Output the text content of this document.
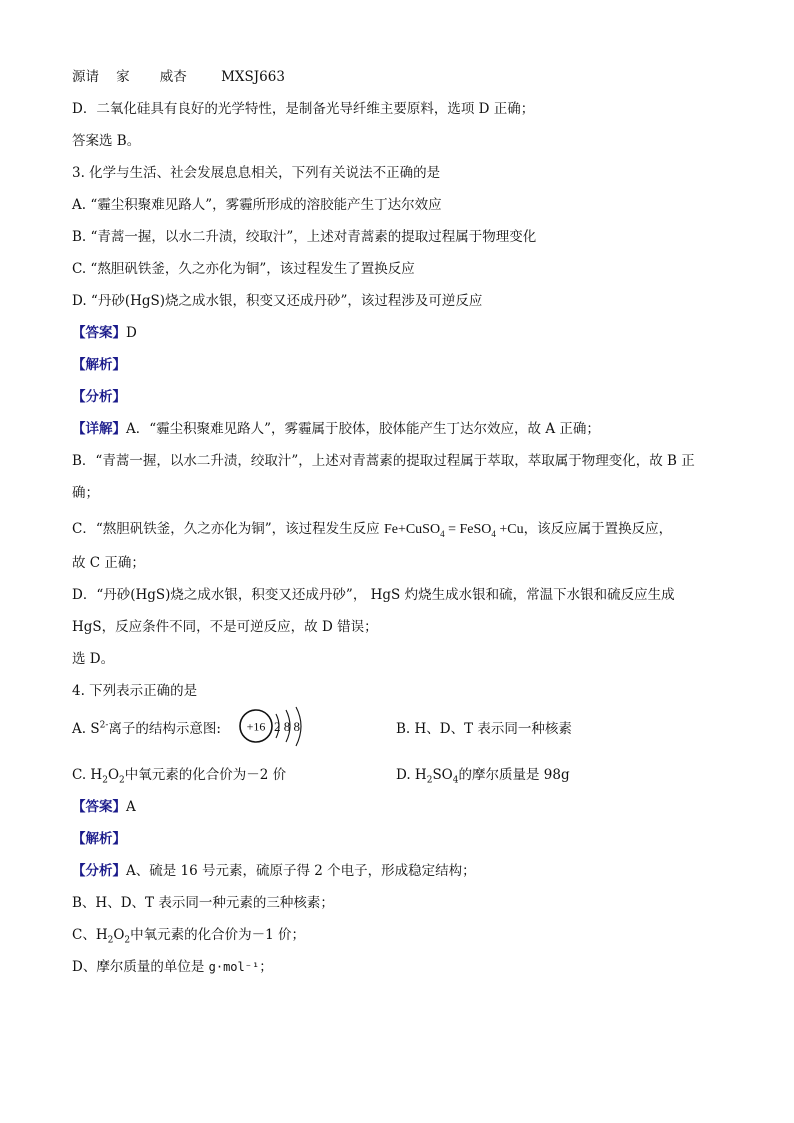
源请 家 威杏	MXSJ663
D．二氧化硅具有良好的光学特性，是制备光导纤维主要原料，选项 D 正确；
答案选 B。
3. 化学与生活、社会发展息息相关，下列有关说法不正确的是
A. “霾尘积聚难见路人”，雾霾所形成的溶胶能产生丁达尔效应
B. “青蒿一握，以水二升渍，绞取汁”，上述对青蒿素的提取过程属于物理变化
C. “熬胆矾铁釜，久之亦化为铜”，该过程发生了置换反应
D. “丹砂(HgS)烧之成水银，积变又还成丹砂”，该过程涉及可逆反应
【答案】D
【解析】
【分析】
【详解】A．“霾尘积聚难见路人”，雾霾属于胶体，胶体能产生丁达尔效应，故 A 正确；
B．“青蒿一握，以水二升渍，绞取汁”，上述对青蒿素的提取过程属于萃取，萃取属于物理变化，故 B 正
确；
C．“熬胆矾铁釜，久之亦化为铜”，该过程发生反应 Fe+CuSO$_4$ = FeSO$_4$ +Cu，该反应属于置换反应，
故 C 正确；
D．“丹砂(HgS)烧之成水银，积变又还成丹砂”， HgS 灼烧生成水银和硫，常温下水银和硫反应生成
HgS，反应条件不同，不是可逆反应，故 D 错误；
选 D。
4. 下列表示正确的是
A. $S^{2-}$离子的结构示意图: +16 2 8 8	B. H、D、T 表示同一种核素
C. $H_2O_2$中氧元素的化合价为－2 价	D. $H_2SO_4$的摩尔质量是 98g
【答案】A
【解析】
【分析】A、硫是 16 号元素，硫原子得 2 个电子，形成稳定结构；
B、H、D、T 表示同一种元素的三种核素；
C、$H_2O_2$中氧元素的化合价为－1 价；
D、摩尔质量的单位是 g·mol⁻¹；
